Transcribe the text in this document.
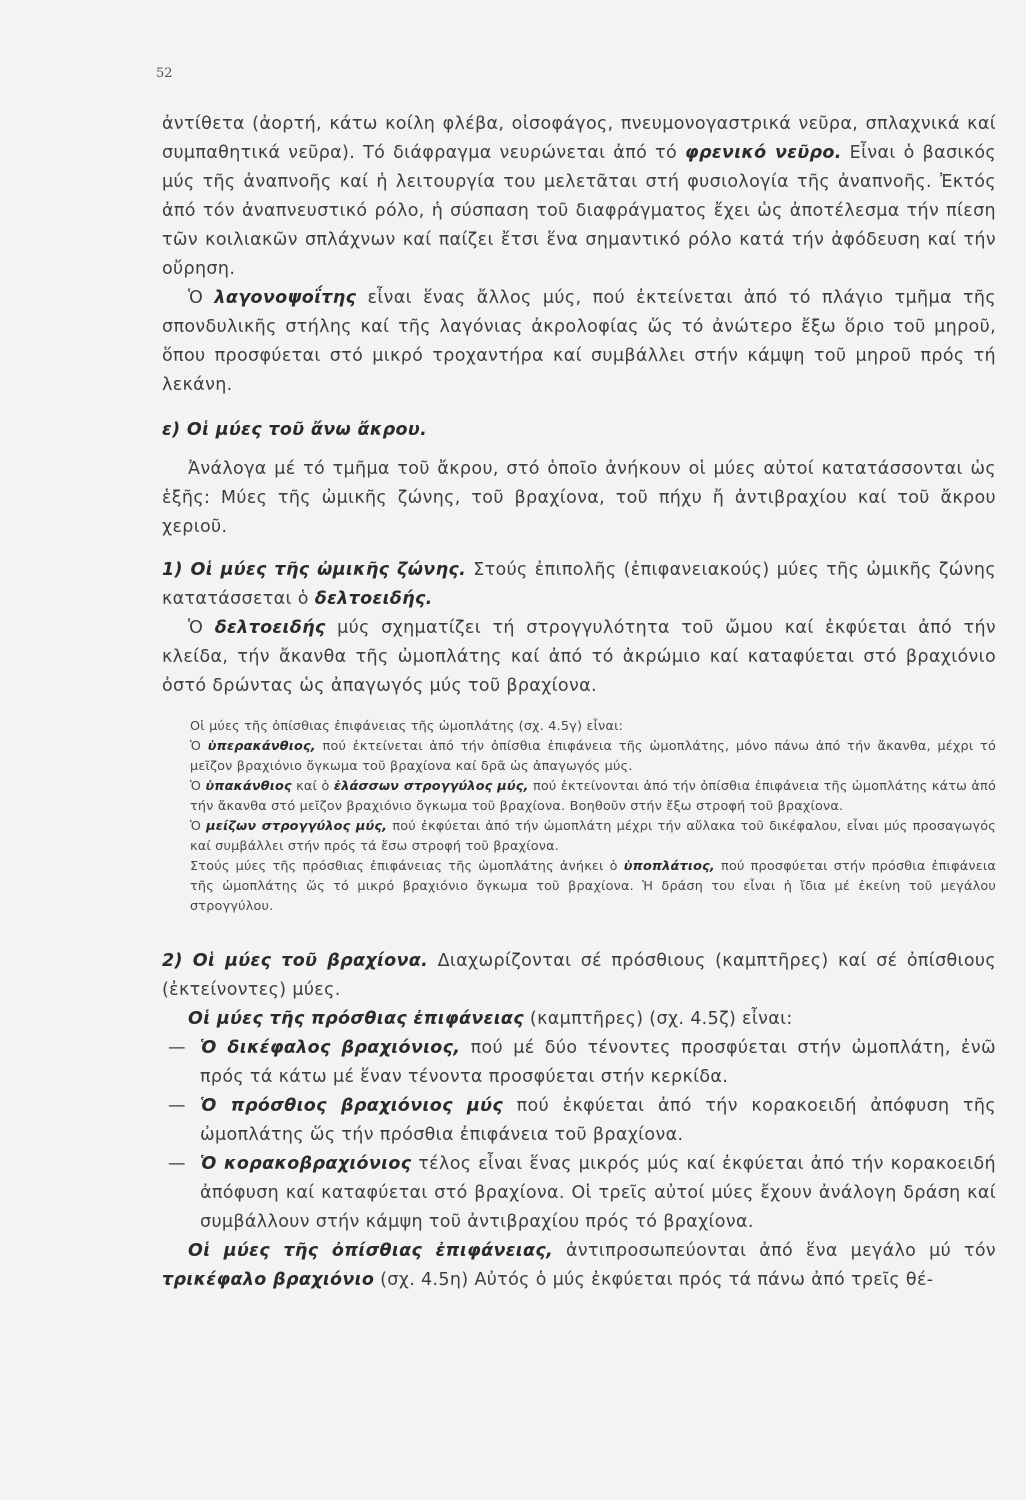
52

ἀντίθετα (ἀορτή, κάτω κοίλη φλέβα, οἰσοφάγος, πνευμονογαστρικά νεῦρα, σπλαχνικά καί συμπαθητικά νεῦρα). Τό διάφραγμα νευρώνεται ἀπό τό φρενικό νεῦρο. Εἶναι ὁ βασικός μύς τῆς ἀναπνοῆς καί ἡ λειτουργία του μελετᾶται στή φυσιολογία τῆς ἀναπνοῆς. Ἐκτός ἀπό τόν ἀναπνευστικό ρόλο, ἡ σύσπαση τοῦ διαφράγματος ἔχει ὡς ἀποτέλεσμα τήν πίεση τῶν κοιλιακῶν σπλάχνων καί παίζει ἔτσι ἕνα σημαντικό ρόλο κατά τήν ἀφόδευση καί τήν οὔρηση.

Ὁ λαγονοψοΐτης εἶναι ἕνας ἄλλος μύς, πού ἐκτείνεται ἀπό τό πλάγιο τμῆμα τῆς σπονδυλικῆς στήλης καί τῆς λαγόνιας ἀκρολοφίας ὥς τό ἀνώτερο ἔξω ὅριο τοῦ μηροῦ, ὅπου προσφύεται στό μικρό τροχαντήρα καί συμβάλλει στήν κάμψη τοῦ μηροῦ πρός τή λεκάνη.

ε) Οἱ μύες τοῦ ἄνω ἄκρου.

Ἀνάλογα μέ τό τμῆμα τοῦ ἄκρου, στό ὁποῖο ἀνήκουν οἱ μύες αὐτοί κατατάσσονται ὡς ἑξῆς: Μύες τῆς ὠμικῆς ζώνης, τοῦ βραχίονα, τοῦ πήχυ ἤ ἀντιβραχίου καί τοῦ ἄκρου χεριοῦ.

1) Οἱ μύες τῆς ὠμικῆς ζώνης. Στούς ἐπιπολῆς (ἐπιφανειακούς) μύες τῆς ὠμικῆς ζώνης κατατάσσεται ὁ δελτοειδής.

Ὁ δελτοειδής μύς σχηματίζει τή στρογγυλότητα τοῦ ὤμου καί ἐκφύεται ἀπό τήν κλείδα, τήν ἄκανθα τῆς ὠμοπλάτης καί ἀπό τό ἀκρώμιο καί καταφύεται στό βραχιόνιο ὀστό δρώντας ὡς ἀπαγωγός μύς τοῦ βραχίονα.

Οἱ μύες τῆς ὀπίσθιας ἐπιφάνειας τῆς ὠμοπλάτης (σχ. 4.5γ) εἶναι:

Ὁ ὑπερακάνθιος, πού ἐκτείνεται ἀπό τήν ὀπίσθια ἐπιφάνεια τῆς ὠμοπλάτης, μόνο πάνω ἀπό τήν ἄκανθα, μέχρι τό μεῖζον βραχιόνιο ὄγκωμα τοῦ βραχίονα καί δρᾶ ὡς ἀπαγωγός μύς.

Ὁ ὑπακάνθιος καί ὁ ἐλάσσων στρογγύλος μύς, πού ἐκτείνονται ἀπό τήν ὀπίσθια ἐπιφάνεια τῆς ὠμοπλάτης κάτω ἀπό τήν ἄκανθα στό μεῖζον βραχιόνιο ὄγκωμα τοῦ βραχίονα. Βοηθοῦν στήν ἔξω στροφή τοῦ βραχίονα.

Ὁ μείζων στρογγύλος μύς, πού ἐκφύεται ἀπό τήν ὠμοπλάτη μέχρι τήν αὔλακα τοῦ δικέφαλου, εἶναι μύς προσαγωγός καί συμβάλλει στήν πρός τά ἔσω στροφή τοῦ βραχίονα.

Στούς μύες τῆς πρόσθιας ἐπιφάνειας τῆς ὠμοπλάτης ἀνήκει ὁ ὑποπλάτιος, πού προσφύεται στήν πρόσθια ἐπιφάνεια τῆς ὠμοπλάτης ὥς τό μικρό βραχιόνιο ὄγκωμα τοῦ βραχίονα. Ἡ δράση του εἶναι ἡ ἴδια μέ ἐκείνη τοῦ μεγάλου στρογγύλου.

2) Οἱ μύες τοῦ βραχίονα. Διαχωρίζονται σέ πρόσθιους (καμπτῆρες) καί σέ ὀπίσθιους (ἐκτείνοντες) μύες.

Οἱ μύες τῆς πρόσθιας ἐπιφάνειας (καμπτῆρες) (σχ. 4.5ζ) εἶναι:

— Ὁ δικέφαλος βραχιόνιος, πού μέ δύο τένοντες προσφύεται στήν ὠμοπλάτη, ἐνῶ πρός τά κάτω μέ ἕναν τένοντα προσφύεται στήν κερκίδα.
— Ὁ πρόσθιος βραχιόνιος μύς πού ἐκφύεται ἀπό τήν κορακοειδή ἀπόφυση τῆς ὠμοπλάτης ὥς τήν πρόσθια ἐπιφάνεια τοῦ βραχίονα.
— Ὁ κορακοβραχιόνιος τέλος εἶναι ἕνας μικρός μύς καί ἐκφύεται ἀπό τήν κορακοειδή ἀπόφυση καί καταφύεται στό βραχίονα. Οἱ τρεῖς αὐτοί μύες ἔχουν ἀνάλογη δράση καί συμβάλλουν στήν κάμψη τοῦ ἀντιβραχίου πρός τό βραχίονα.

Οἱ μύες τῆς ὀπίσθιας ἐπιφάνειας, ἀντιπροσωπεύονται ἀπό ἕνα μεγάλο μύ τόν τρικέφαλο βραχιόνιο (σχ. 4.5η) Αὐτός ὁ μύς ἐκφύεται πρός τά πάνω ἀπό τρεῖς θέ-
